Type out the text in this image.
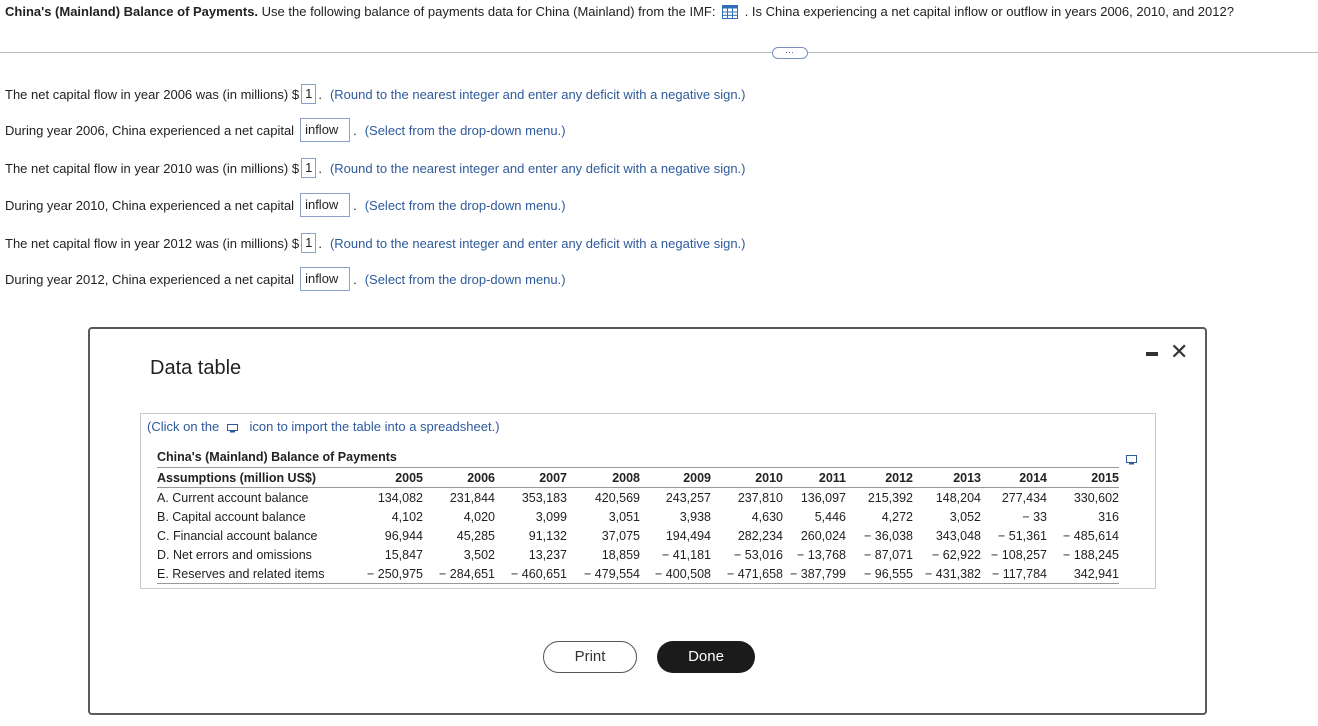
China's (Mainland) Balance of Payments. Use the following balance of payments data for China (Mainland) from the IMF: . Is China experiencing a net capital inflow or outflow in years 2006, 2010, and 2012?
⋯
The net capital flow in year 2006 was (in millions) $ 1 . (Round to the nearest integer and enter any deficit with a negative sign.)
During year 2006, China experienced a net capital inflow	. (Select from the drop-down menu.)
The net capital flow in year 2010 was (in millions) $ 1 . (Round to the nearest integer and enter any deficit with a negative sign.)
During year 2010, China experienced a net capital inflow	. (Select from the drop-down menu.)
The net capital flow in year 2012 was (in millions) $ 1 . (Round to the nearest integer and enter any deficit with a negative sign.)
During year 2012, China experienced a net capital inflow	. (Select from the drop-down menu.)
Data table
✕
(Click on the icon to import the table into a spreadsheet.)
China's (Mainland) Balance of Payments
Assumptions (million US$)	2005	2006	2007	2008	2009	2010	2011	2012	2013	2014	2015
A. Current account balance	134,082	231,844	353,183	420,569	243,257	237,810	136,097	215,392	148,204	277,434	330,602
B. Capital account balance	4,102	4,020	3,099	3,051	3,938	4,630	5,446	4,272	3,052	− 33	316
C. Financial account balance	96,944	45,285	91,132	37,075	194,494	282,234	260,024	− 36,038	343,048	− 51,361	− 485,614
D. Net errors and omissions	15,847	3,502	13,237	18,859	− 41,181	− 53,016	− 13,768	− 87,071	− 62,922	− 108,257	− 188,245
E. Reserves and related items	− 250,975	− 284,651	− 460,651	− 479,554	− 400,508	− 471,658	− 387,799	− 96,555	− 431,382	− 117,784	342,941
Print	Done
